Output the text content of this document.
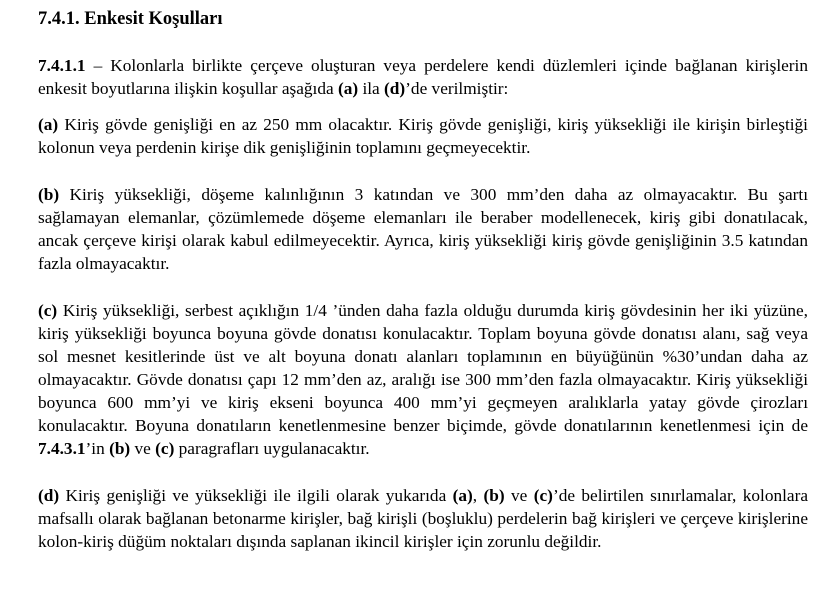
7.4.1. Enkesit Koşulları

7.4.1.1 – Kolonlarla birlikte çerçeve oluşturan veya perdelere kendi düzlemleri içinde bağlanan kirişlerin enkesit boyutlarına ilişkin koşullar aşağıda (a) ila (d)’de verilmiştir:

(a) Kiriş gövde genişliği en az 250 mm olacaktır. Kiriş gövde genişliği, kiriş yüksekliği ile kirişin birleştiği kolonun veya perdenin kirişe dik genişliğinin toplamını geçmeyecektir.

(b) Kiriş yüksekliği, döşeme kalınlığının 3 katından ve 300 mm’den daha az olmayacaktır. Bu şartı sağlamayan elemanlar, çözümlemede döşeme elemanları ile beraber modellenecek, kiriş gibi donatılacak, ancak çerçeve kirişi olarak kabul edilmeyecektir. Ayrıca, kiriş yüksekliği kiriş gövde genişliğinin 3.5 katından fazla olmayacaktır.

(c) Kiriş yüksekliği, serbest açıklığın 1/4 ’ünden daha fazla olduğu durumda kiriş gövdesinin her iki yüzüne, kiriş yüksekliği boyunca boyuna gövde donatısı konulacaktır. Toplam boyuna gövde donatısı alanı, sağ veya sol mesnet kesitlerinde üst ve alt boyuna donatı alanları toplamının en büyüğünün %30’undan daha az olmayacaktır. Gövde donatısı çapı 12 mm’den az, aralığı ise 300 mm’den fazla olmayacaktır. Kiriş yüksekliği boyunca 600 mm’yi ve kiriş ekseni boyunca 400 mm’yi geçmeyen aralıklarla yatay gövde çirozları konulacaktır. Boyuna donatıların kenetlenmesine benzer biçimde, gövde donatılarının kenetlenmesi için de 7.4.3.1’in (b) ve (c) paragrafları uygulanacaktır.

(d) Kiriş genişliği ve yüksekliği ile ilgili olarak yukarıda (a), (b) ve (c)’de belirtilen sınırlamalar, kolonlara mafsallı olarak bağlanan betonarme kirişler, bağ kirişli (boşluklu) perdelerin bağ kirişleri ve çerçeve kirişlerine kolon-kiriş düğüm noktaları dışında saplanan ikincil kirişler için zorunlu değildir.
